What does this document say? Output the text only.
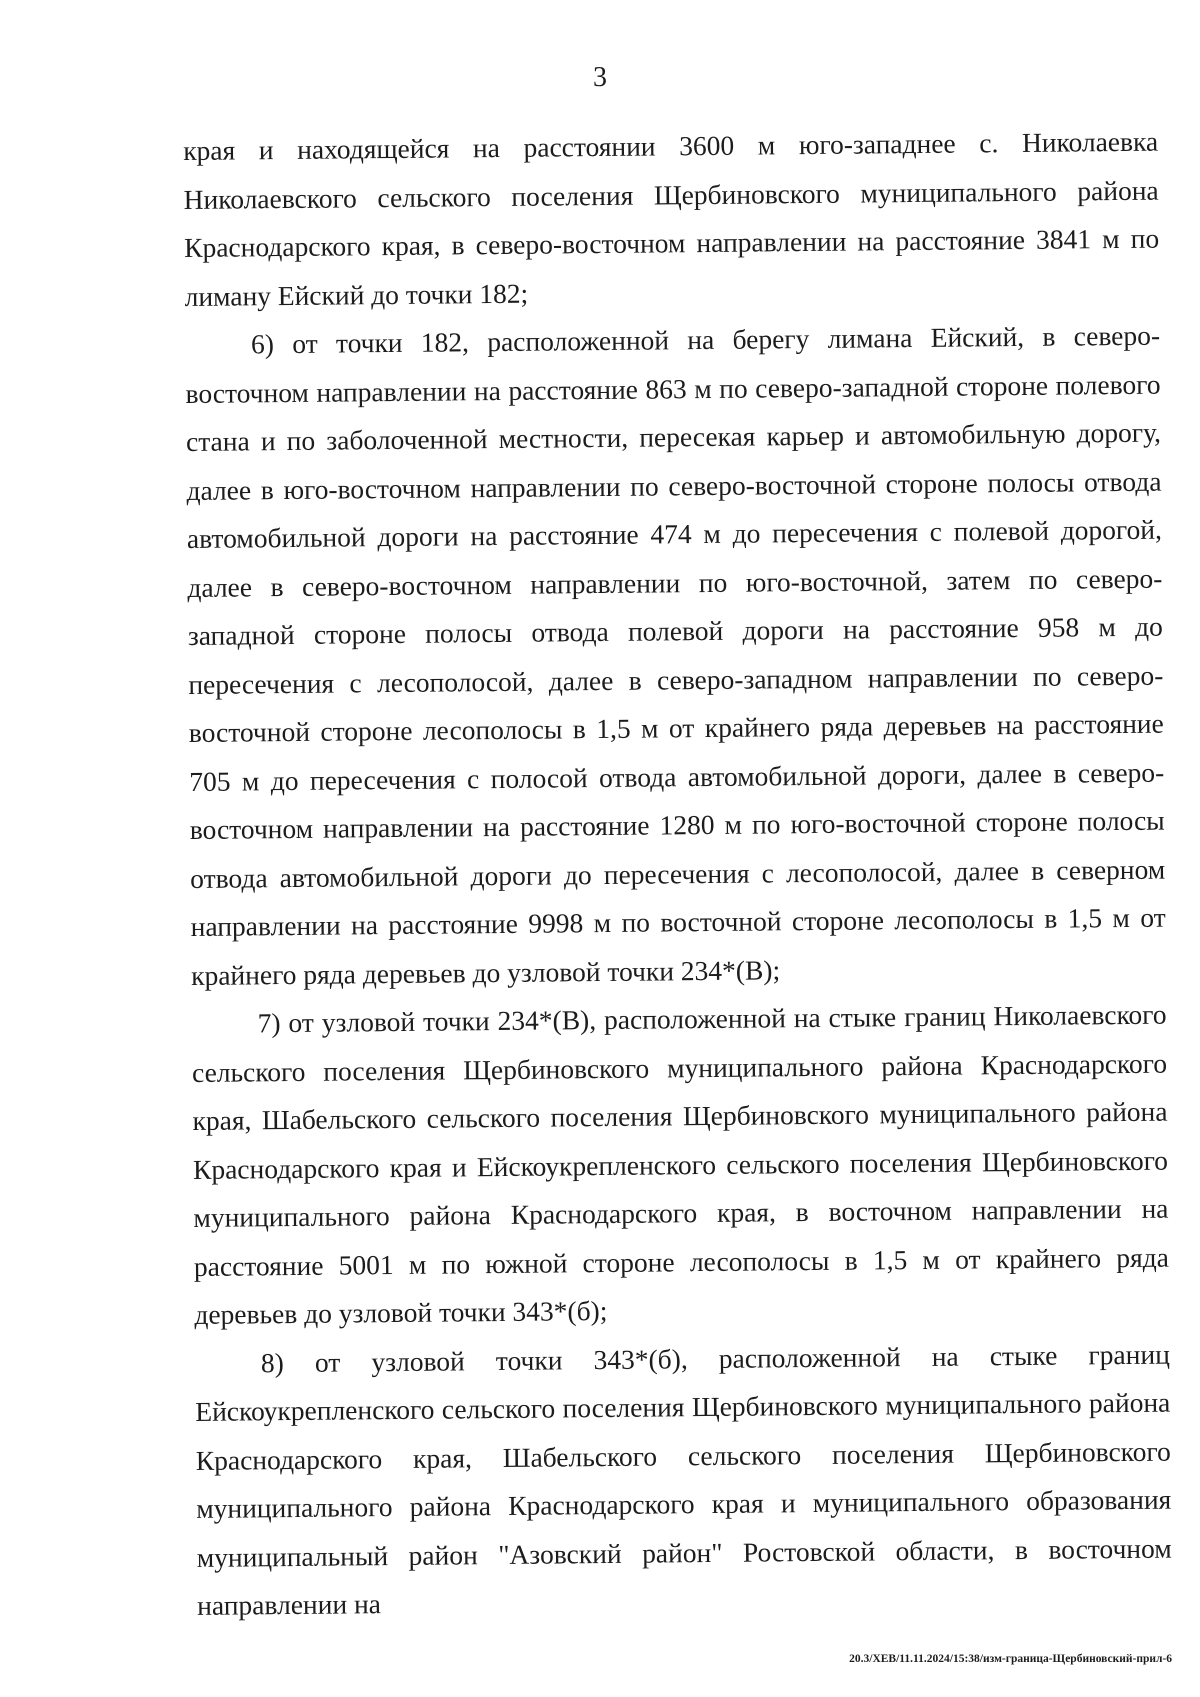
3

края и находящейся на расстоянии 3600 м юго-западнее с. Николаевка Николаевского сельского поселения Щербиновского муниципального района Краснодарского края, в северо-восточном направлении на расстояние 3841 м по лиману Ейский до точки 182;

6) от точки 182, расположенной на берегу лимана Ейский, в северо-восточном направлении на расстояние 863 м по северо-западной стороне полевого стана и по заболоченной местности, пересекая карьер и автомобильную дорогу, далее в юго-восточном направлении по северо-восточной стороне полосы отвода автомобильной дороги на расстояние 474 м до пересечения с полевой дорогой, далее в северо-восточном направлении по юго-восточной, затем по северо-западной стороне полосы отвода полевой дороги на расстояние 958 м до пересечения с лесополосой, далее в северо-западном направлении по северо-восточной стороне лесополосы в 1,5 м от крайнего ряда деревьев на расстояние 705 м до пересечения с полосой отвода автомобильной дороги, далее в северо-восточном направлении на расстояние 1280 м по юго-восточной стороне полосы отвода автомобильной дороги до пересечения с лесополосой, далее в северном направлении на расстояние 9998 м по восточной стороне лесополосы в 1,5 м от крайнего ряда деревьев до узловой точки 234*(В);

7) от узловой точки 234*(В), расположенной на стыке границ Николаевского сельского поселения Щербиновского муниципального района Краснодарского края, Шабельского сельского поселения Щербиновского муниципального района Краснодарского края и Ейскоукрепленского сельского поселения Щербиновского муниципального района Краснодарского края, в восточном направлении на расстояние 5001 м по южной стороне лесополосы в 1,5 м от крайнего ряда деревьев до узловой точки 343*(б);

8) от узловой точки 343*(б), расположенной на стыке границ Ейскоукрепленского сельского поселения Щербиновского муниципального района Краснодарского края, Шабельского сельского поселения Щербиновского муниципального района Краснодарского края и муниципального образования муниципальный район "Азовский район" Ростовской области, в восточном направлении на

20.3/ХЕВ/11.11.2024/15:38/изм-граница-Щербиновский-прил-6
